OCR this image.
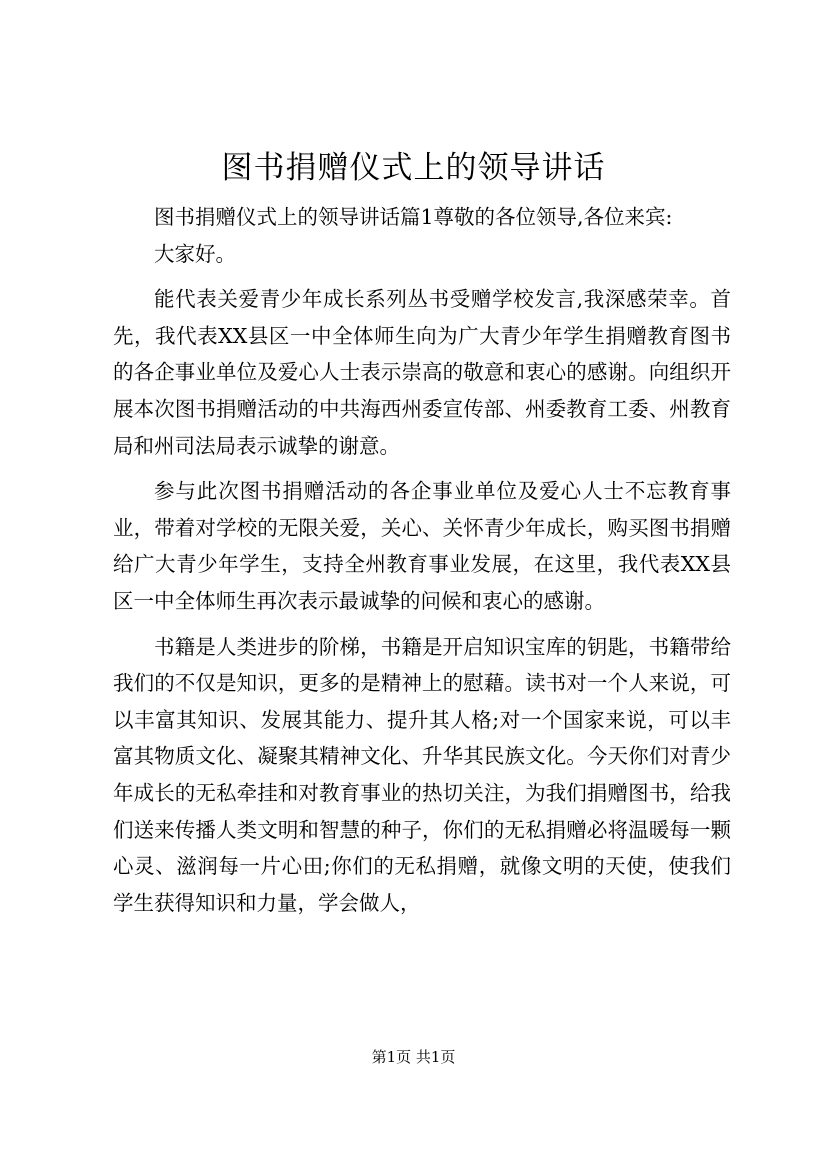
图书捐赠仪式上的领导讲话

图书捐赠仪式上的领导讲话篇1尊敬的各位领导,各位来宾:

大家好。

能代表关爱青少年成长系列丛书受赠学校发言,我深感荣幸。首先，我代表XX县区一中全体师生向为广大青少年学生捐赠教育图书的各企事业单位及爱心人士表示崇高的敬意和衷心的感谢。向组织开展本次图书捐赠活动的中共海西州委宣传部、州委教育工委、州教育局和州司法局表示诚挚的谢意。

参与此次图书捐赠活动的各企事业单位及爱心人士不忘教育事业，带着对学校的无限关爱，关心、关怀青少年成长，购买图书捐赠给广大青少年学生，支持全州教育事业发展，在这里，我代表XX县区一中全体师生再次表示最诚挚的问候和衷心的感谢。

书籍是人类进步的阶梯，书籍是开启知识宝库的钥匙，书籍带给我们的不仅是知识，更多的是精神上的慰藉。读书对一个人来说，可以丰富其知识、发展其能力、提升其人格;对一个国家来说，可以丰富其物质文化、凝聚其精神文化、升华其民族文化。今天你们对青少年成长的无私牵挂和对教育事业的热切关注，为我们捐赠图书，给我们送来传播人类文明和智慧的种子，你们的无私捐赠必将温暖每一颗心灵、滋润每一片心田;你们的无私捐赠，就像文明的天使，使我们学生获得知识和力量，学会做人，

第1页 共1页
